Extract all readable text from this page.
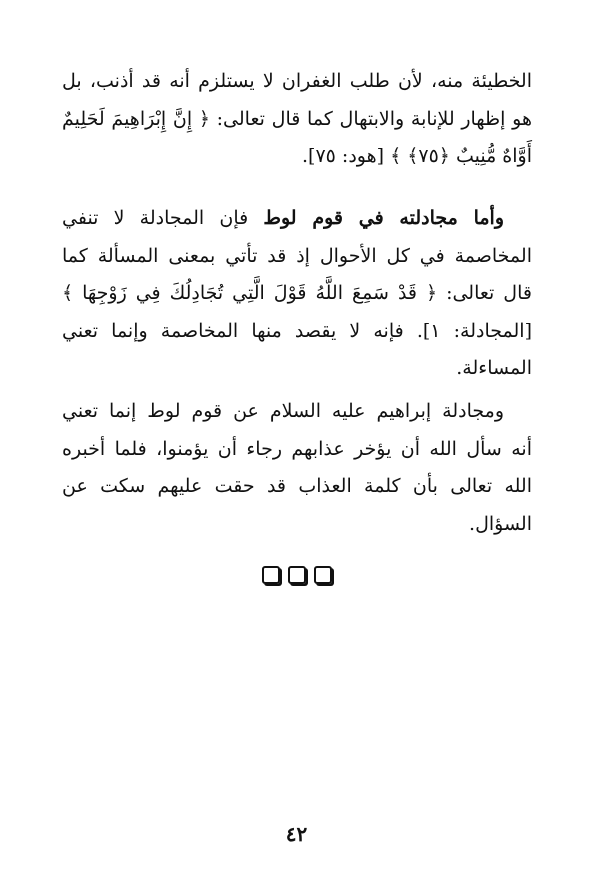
الخطيئة منه، لأن طلب الغفران لا يستلزم أنه قد أذنب، بل
هو إظهار للإنابة والابتهال كما قال تعالى: ﴿ إِنَّ إِبْرَاهِيمَ لَحَلِيمٌ
أَوَّاهٌ مُّنِيبٌ ﴿٧٥﴾ ﴾ [هود: ٧٥].
وأما مجادلته في قوم لوط فإن المجادلة لا تنفي
المخاصمة في كل الأحوال إذ قد تأتي بمعنى المسألة كما
قال تعالى: ﴿ قَدْ سَمِعَ اللَّهُ قَوْلَ الَّتِي تُجَادِلُكَ فِي زَوْجِهَا ﴾
[المجادلة: ١]. فإنه لا يقصد منها المخاصمة وإنما تعني
المساءلة.
ومجادلة إبراهيم عليه السلام عن قوم لوط إنما تعني
أنه سأل الله أن يؤخر عذابهم رجاء أن يؤمنوا، فلما أخبره
الله تعالى بأن كلمة العذاب قد حقت عليهم سكت عن
السؤال.
٤٢
